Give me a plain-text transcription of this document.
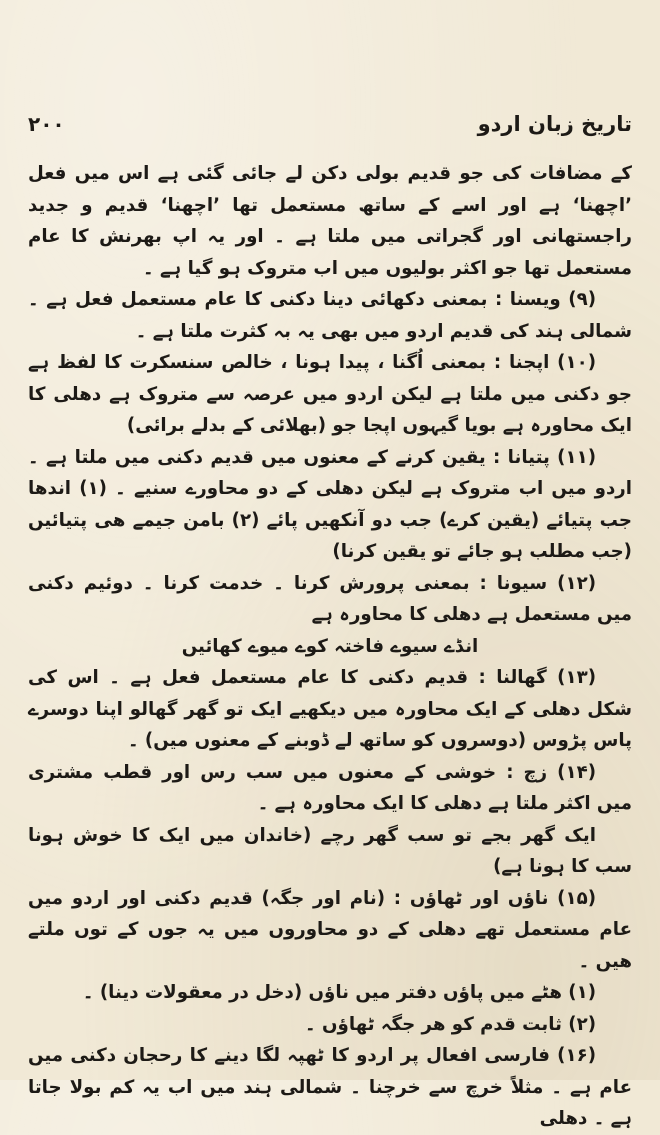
تاریخ زبان اردو
۲۰۰

کے مضافات کی جو قدیم بولی دکن لے جائی گئی ہے اس میں فعل ’اچھنا‘ ہے اور اسے کے ساتھ مستعمل تھا ’اچھنا‘ قدیم و جدید راجستھانی اور گجراتی میں ملتا ہے ۔ اور یہ اپ بھرنش کا عام مستعمل تھا جو اکثر بولیوں میں اب متروک ہو گیا ہے ۔

(۹) ویسنا : بمعنی دکھائی دینا دکنی کا عام مستعمل فعل ہے ۔ شمالی ہند کی قدیم اردو میں بھی یہ بہ کثرت ملتا ہے ۔

(۱۰) اپجنا : بمعنی اُگنا ، پیدا ہونا ، خالص سنسکرت کا لفظ ہے جو دکنی میں ملتا ہے لیکن اردو میں عرصہ سے متروک ہے دھلی کا ایک محاورہ ہے بویا گیہوں اپجا جو (بھلائی کے بدلے برائی)

(۱۱) پتیانا : یقین کرنے کے معنوں میں قدیم دکنی میں ملتا ہے ۔ اردو میں اب متروک ہے لیکن دھلی کے دو محاورے سنیے ۔ (۱) اندھا جب پتیائے (یقین کرے) جب دو آنکھیں پائے (۲) بامن جیمے ھی پتیائیں (جب مطلب ہو جائے تو یقین کرنا)

(۱۲) سیونا : بمعنی پرورش کرنا ۔ خدمت کرنا ۔ دوئیم دکنی میں مستعمل ہے دھلی کا محاورہ ہے

انڈے سیوے فاختہ کوے میوے کھائیں

(۱۳) گھالنا : قدیم دکنی کا عام مستعمل فعل ہے ۔ اس کی شکل دھلی کے ایک محاورہ میں دیکھیے ایک تو گھر گھالو اپنا دوسرے پاس پڑوس (دوسروں کو ساتھ لے ڈوبنے کے معنوں میں) ۔

(۱۴) زچ : خوشی کے معنوں میں سب رس اور قطب مشتری میں اکثر ملتا ہے دھلی کا ایک محاورہ ہے ۔

ایک گھر بجے تو سب گھر رچے (خاندان میں ایک کا خوش ہونا سب کا ہونا ہے)

(۱۵) ناؤں اور ٹھاؤں : (نام اور جگہ) قدیم دکنی اور اردو میں عام مستعمل تھے دھلی کے دو محاوروں میں یہ جوں کے توں ملتے ھیں ۔

(۱) ھٹے میں پاؤں دفتر میں ناؤں (دخل در معقولات دینا) ۔

(۲) ثابت قدم کو ھر جگہ ٹھاؤں ۔

(۱۶) فارسی افعال پر اردو کا ٹھپہ لگا دینے کا رحجان دکنی میں عام ہے ۔ مثلاً خرچ سے خرچنا ۔ شمالی ہند میں اب یہ کم بولا جاتا ہے ۔ دھلی
